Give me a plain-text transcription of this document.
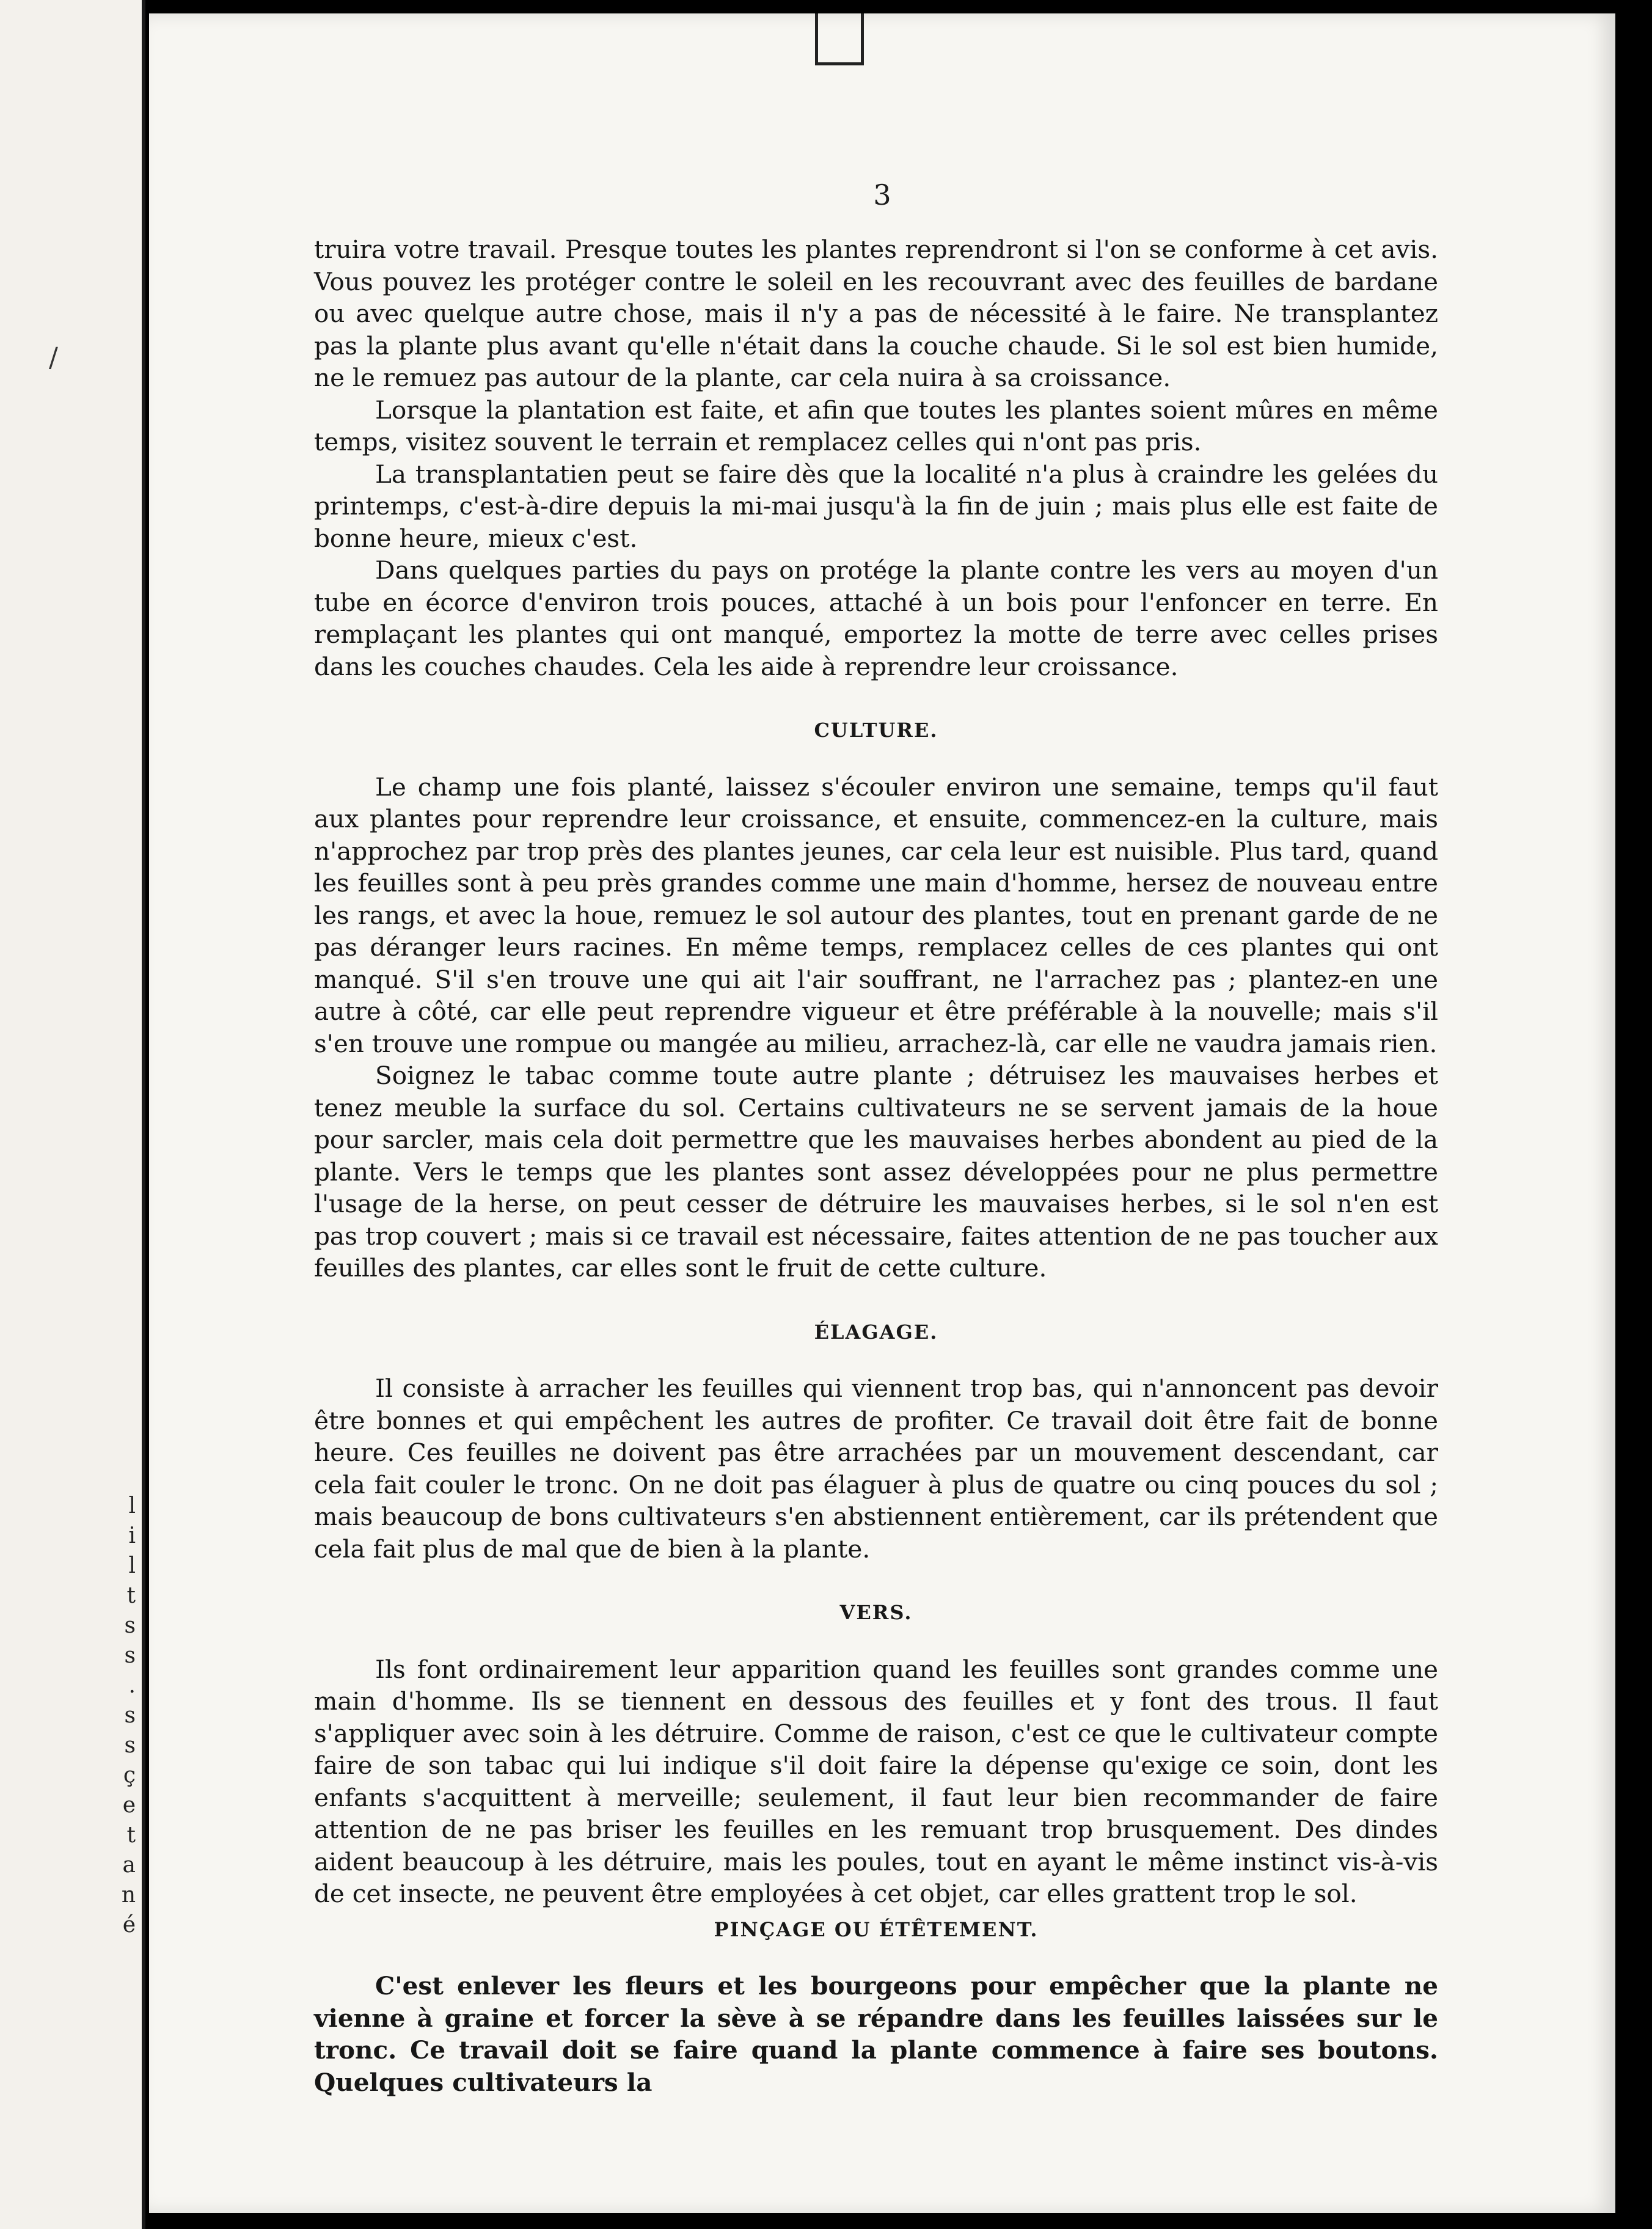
/
l
i
l
t
s
s
.
s
s
ç
e
t
a
n
é
3

truira votre travail. Presque toutes les plantes reprendront si l'on se conforme à cet avis. Vous pouvez les protéger contre le soleil en les recouvrant avec des feuilles de bardane ou avec quelque autre chose, mais il n'y a pas de nécessité à le faire. Ne transplantez pas la plante plus avant qu'elle n'était dans la couche chaude. Si le sol est bien humide, ne le remuez pas autour de la plante, car cela nuira à sa croissance.

Lorsque la plantation est faite, et afin que toutes les plantes soient mûres en même temps, visitez souvent le terrain et remplacez celles qui n'ont pas pris.

La transplantatien peut se faire dès que la localité n'a plus à craindre les gelées du printemps, c'est-à-dire depuis la mi-mai jusqu'à la fin de juin ; mais plus elle est faite de bonne heure, mieux c'est.

Dans quelques parties du pays on protége la plante contre les vers au moyen d'un tube en écorce d'environ trois pouces, attaché à un bois pour l'enfoncer en terre. En remplaçant les plantes qui ont manqué, emportez la motte de terre avec celles prises dans les couches chaudes. Cela les aide à reprendre leur croissance.

CULTURE.

Le champ une fois planté, laissez s'écouler environ une semaine, temps qu'il faut aux plantes pour reprendre leur croissance, et ensuite, commencez-en la culture, mais n'approchez par trop près des plantes jeunes, car cela leur est nuisible. Plus tard, quand les feuilles sont à peu près grandes comme une main d'homme, hersez de nouveau entre les rangs, et avec la houe, remuez le sol autour des plantes, tout en prenant garde de ne pas déranger leurs racines. En même temps, remplacez celles de ces plantes qui ont manqué. S'il s'en trouve une qui ait l'air souffrant, ne l'arrachez pas ; plantez-en une autre à côté, car elle peut reprendre vigueur et être préférable à la nouvelle; mais s'il s'en trouve une rompue ou mangée au milieu, arrachez-là, car elle ne vaudra jamais rien.

Soignez le tabac comme toute autre plante ; détruisez les mauvaises herbes et tenez meuble la surface du sol. Certains cultivateurs ne se servent jamais de la houe pour sarcler, mais cela doit permettre que les mauvaises herbes abondent au pied de la plante. Vers le temps que les plantes sont assez développées pour ne plus permettre l'usage de la herse, on peut cesser de détruire les mauvaises herbes, si le sol n'en est pas trop couvert ; mais si ce travail est nécessaire, faites attention de ne pas toucher aux feuilles des plantes, car elles sont le fruit de cette culture.

ÉLAGAGE.

Il consiste à arracher les feuilles qui viennent trop bas, qui n'annoncent pas devoir être bonnes et qui empêchent les autres de profiter. Ce travail doit être fait de bonne heure. Ces feuilles ne doivent pas être arrachées par un mouvement descendant, car cela fait couler le tronc. On ne doit pas élaguer à plus de quatre ou cinq pouces du sol ; mais beaucoup de bons cultivateurs s'en abstiennent entièrement, car ils prétendent que cela fait plus de mal que de bien à la plante.

VERS.

Ils font ordinairement leur apparition quand les feuilles sont grandes comme une main d'homme. Ils se tiennent en dessous des feuilles et y font des trous. Il faut s'appliquer avec soin à les détruire. Comme de raison, c'est ce que le cultivateur compte faire de son tabac qui lui indique s'il doit faire la dépense qu'exige ce soin, dont les enfants s'acquittent à merveille; seulement, il faut leur bien recommander de faire attention de ne pas briser les feuilles en les remuant trop brusquement. Des dindes aident beaucoup à les détruire, mais les poules, tout en ayant le même instinct vis-à-vis de cet insecte, ne peuvent être employées à cet objet, car elles grattent trop le sol.

PINÇAGE OU ÉTÊTEMENT.

C'est enlever les fleurs et les bourgeons pour empêcher que la plante ne vienne à graine et forcer la sève à se répandre dans les feuilles laissées sur le tronc. Ce travail doit se faire quand la plante commence à faire ses boutons. Quelques cultivateurs la
